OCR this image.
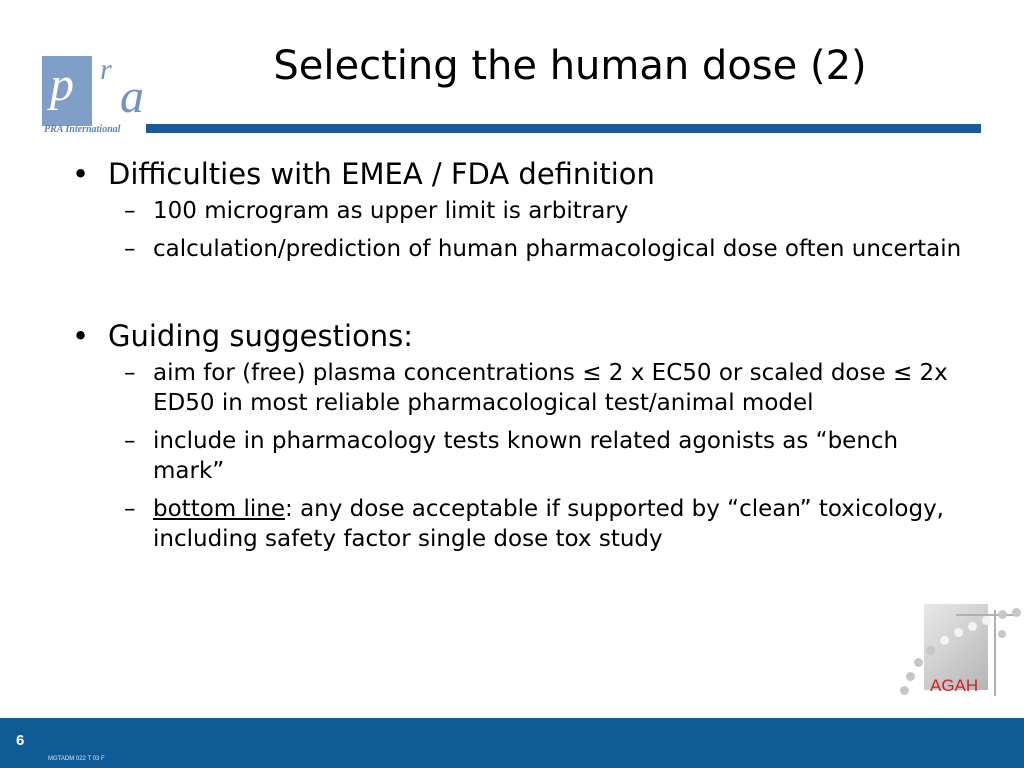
p r
a
PRA International
Selecting the human dose (2)
• Difficulties with EMEA / FDA definition
– 100 microgram as upper limit is arbitrary
– calculation/prediction of human pharmacological dose often uncertain
• Guiding suggestions:
– aim for (free) plasma concentrations ≤ 2 x EC50 or scaled dose ≤ 2x ED50 in most reliable pharmacological test/animal model
– include in pharmacology tests known related agonists as “bench mark”
– bottom line: any dose acceptable if supported by “clean” toxicology, including safety factor single dose tox study
AGAH
6
MGTADM 022 T 03 F
